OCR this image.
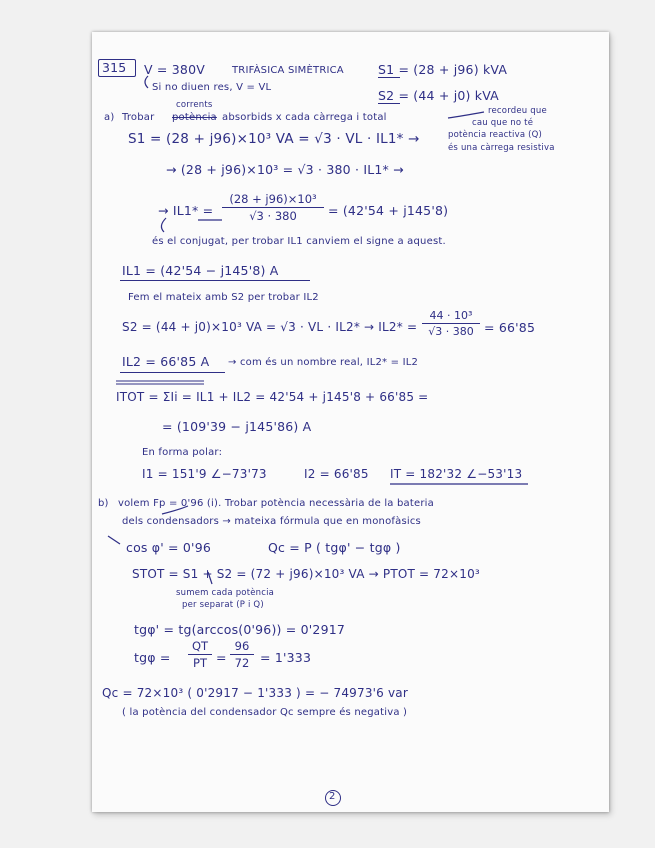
315 V = 380V	TRIFÀSICA SIMÈTRICA	S1 = (28 + j96) kVA
Si no diuen res, V = VL
S2 = (44 + j0) kVA
a) Trobar
corrents
potència absorbids x cada càrrega i total
recordeu que
cau que no té
potència reactiva (Q)
és una càrrega resistiva
S1 = (28 + j96)×10³ VA = √3 · VL · IL1* →
→ (28 + j96)×10³ = √3 · 380 · IL1* →
→ IL1* =
(28 + j96)×10³
√3 · 380	= (42'54 + j145'8)
és el conjugat, per trobar IL1 canviem el signe a aquest.
IL1 = (42'54 − j145'8) A
Fem el mateix amb S2 per trobar IL2
S2 = (44 + j0)×10³ VA = √3 · VL · IL2* → IL2* =
44 · 10³
√3 · 380 = 66'85
IL2 = 66'85 A → com és un nombre real, IL2* = IL2
ITOT = ΣIi = IL1 + IL2 = 42'54 + j145'8 + 66'85 =
= (109'39 − j145'86) A
En forma polar:
I1 = 151'9 ∠−73'73	I2 = 66'85 IT = 182'32 ∠−53'13
b) volem Fp = 0'96 (i). Trobar potència necessària de la bateria
dels condensadors → mateixa fórmula que en monofàsics
cos φ' = 0'96	Qc = P ( tgφ' − tgφ )
STOT = S1 + S2 = (72 + j96)×10³ VA → PTOT = 72×10³
sumem cada potència
per separat (P i Q)
tgφ' = tg(arccos(0'96)) = 0'2917
tgφ =
QT
PT =
96
72 = 1'333
Qc = 72×10³ ( 0'2917 − 1'333 ) = − 74973'6 var
( la potència del condensador Qc sempre és negativa )
2
